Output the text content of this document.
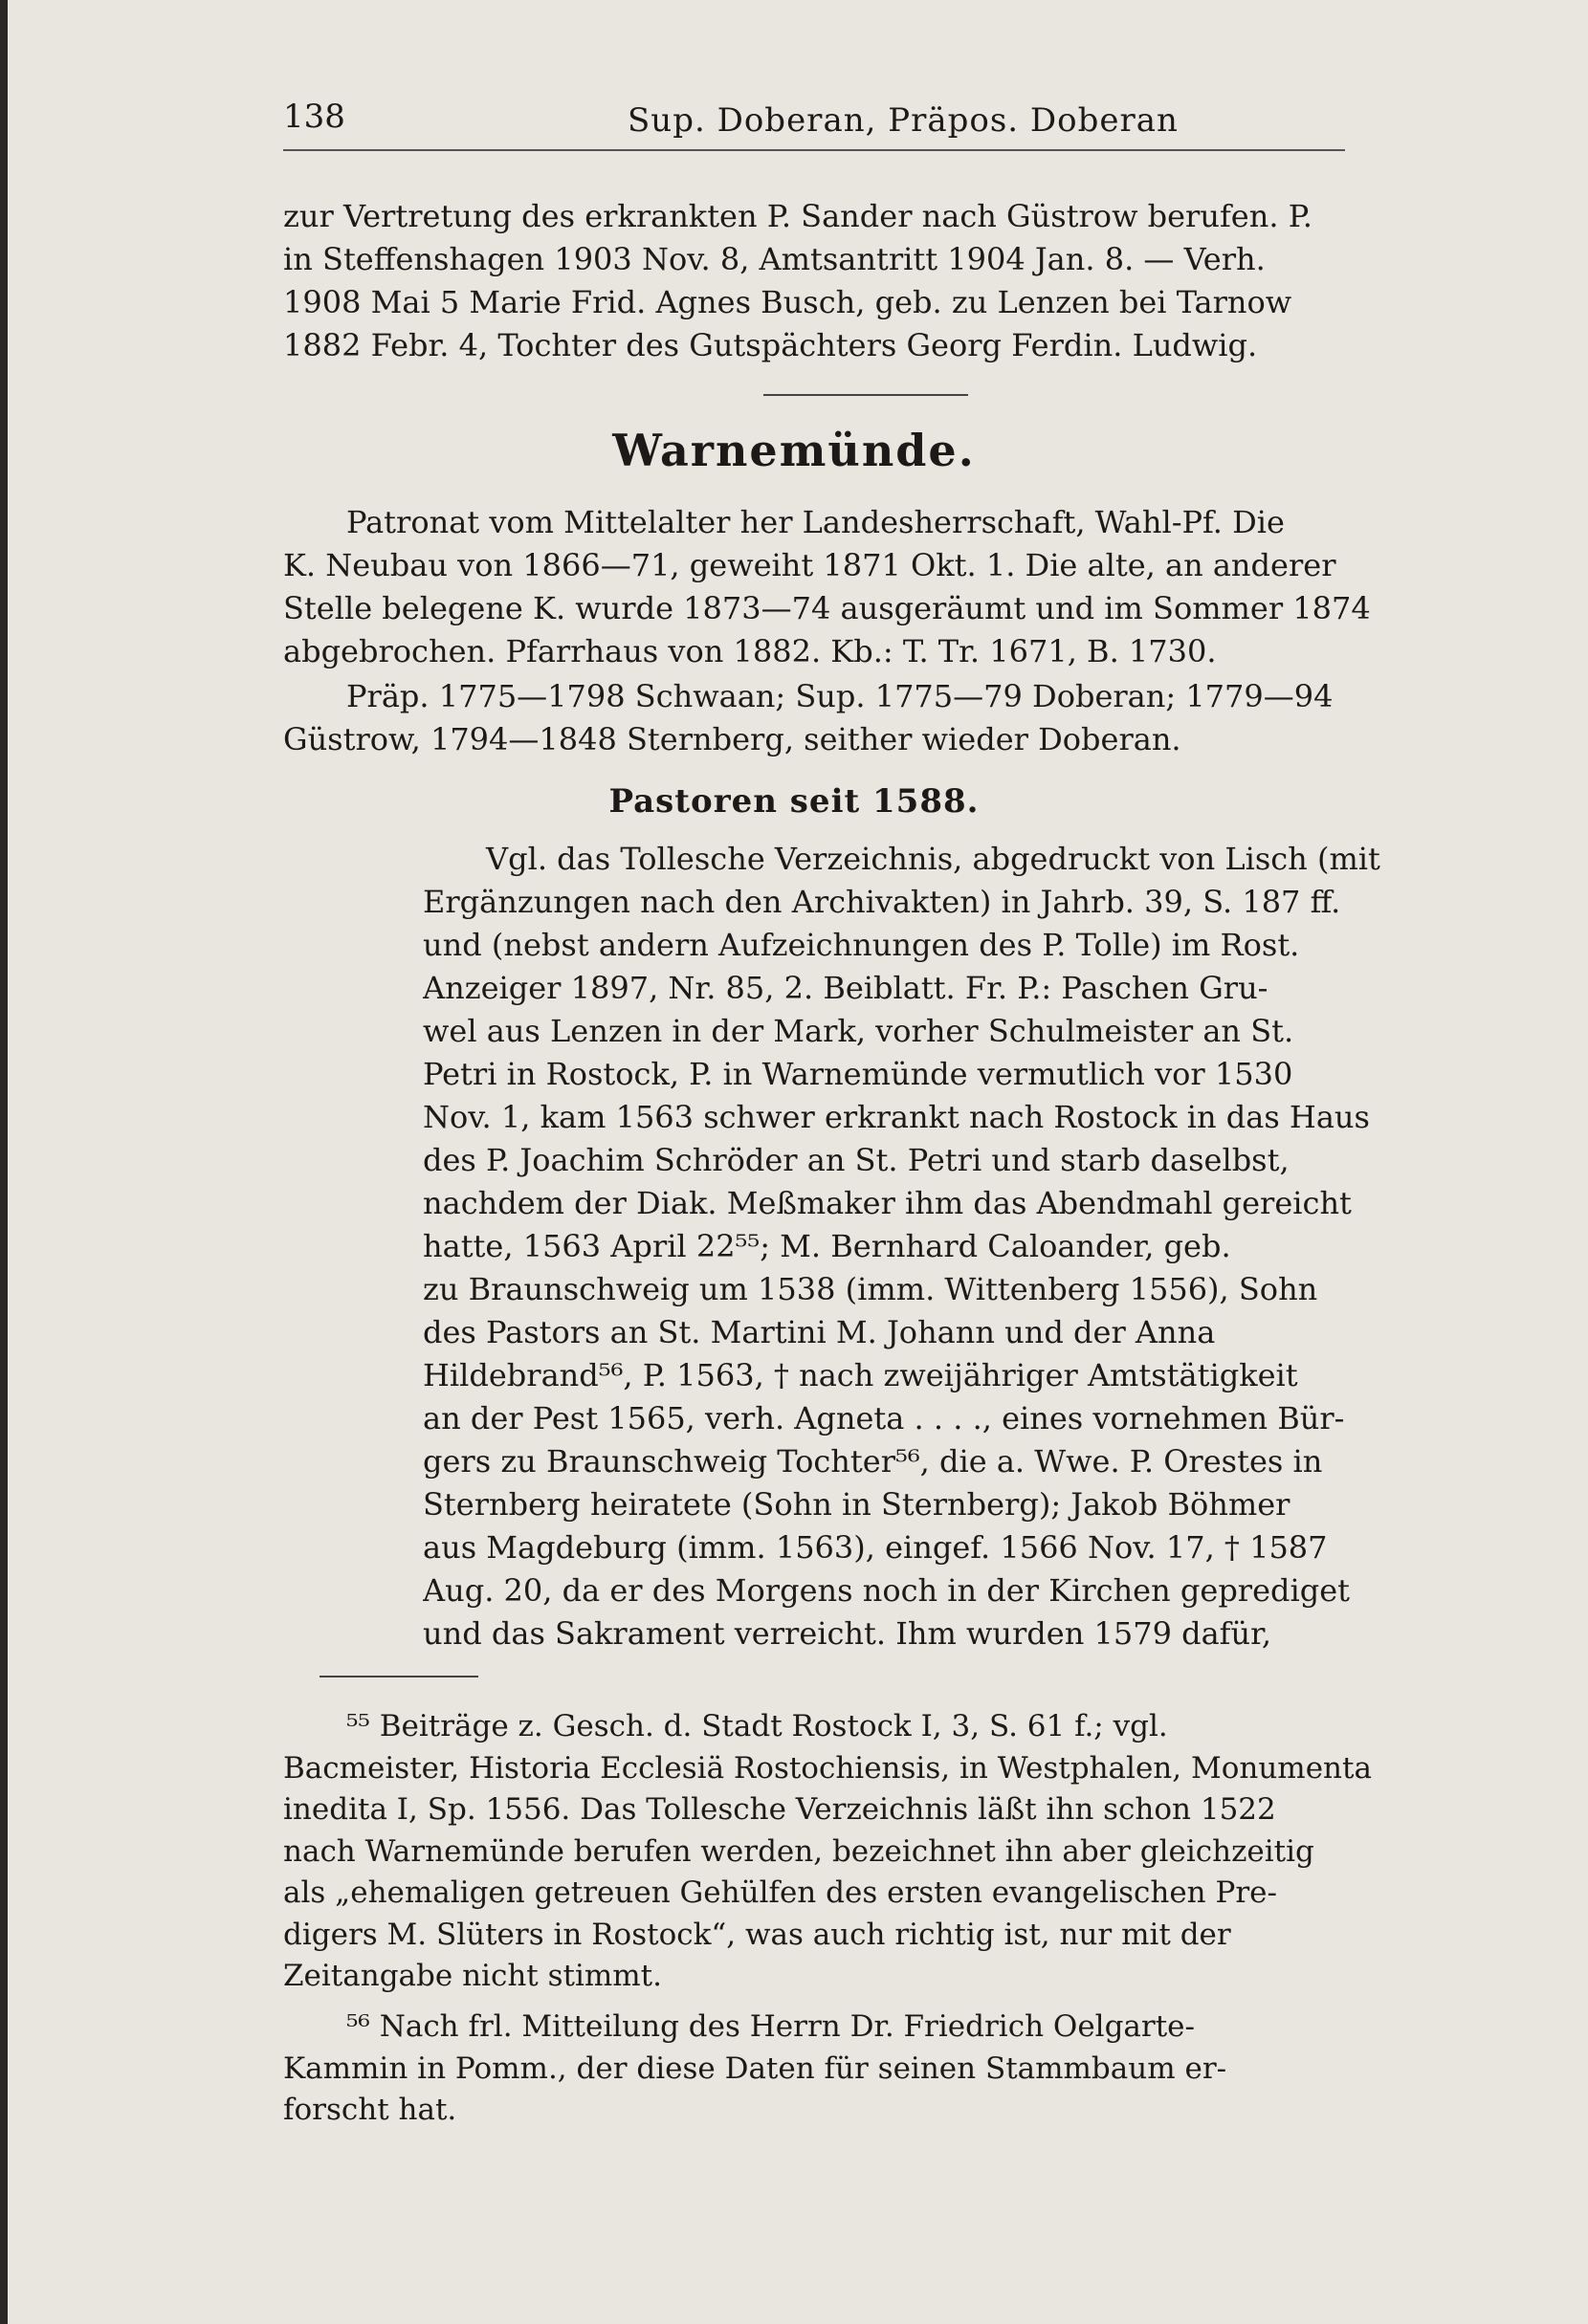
138	Sup. Doberan, Präpos. Doberan
zur Vertretung des erkrankten P. Sander nach Güstrow berufen. P.
in Steffenshagen 1903 Nov. 8, Amtsantritt 1904 Jan. 8. — Verh.
1908 Mai 5 Marie Frid. Agnes Busch, geb. zu Lenzen bei Tarnow
1882 Febr. 4, Tochter des Gutspächters Georg Ferdin. Ludwig.
Warnemünde.
Patronat vom Mittelalter her Landesherrschaft, Wahl-Pf. Die
K. Neubau von 1866—71, geweiht 1871 Okt. 1. Die alte, an anderer
Stelle belegene K. wurde 1873—74 ausgeräumt und im Sommer 1874
abgebrochen. Pfarrhaus von 1882. Kb.: T. Tr. 1671, B. 1730.
Präp. 1775—1798 Schwaan; Sup. 1775—79 Doberan; 1779—94
Güstrow, 1794—1848 Sternberg, seither wieder Doberan.
Pastoren seit 1588.
Vgl. das Tollesche Verzeichnis, abgedruckt von Lisch (mit
Ergänzungen nach den Archivakten) in Jahrb. 39, S. 187 ff.
und (nebst andern Aufzeichnungen des P. Tolle) im Rost.
Anzeiger 1897, Nr. 85, 2. Beiblatt. Fr. P.: Paschen Gru-
wel aus Lenzen in der Mark, vorher Schulmeister an St.
Petri in Rostock, P. in Warnemünde vermutlich vor 1530
Nov. 1, kam 1563 schwer erkrankt nach Rostock in das Haus
des P. Joachim Schröder an St. Petri und starb daselbst,
nachdem der Diak. Meßmaker ihm das Abendmahl gereicht
hatte, 1563 April 22⁵⁵; M. Bernhard Caloander, geb.
zu Braunschweig um 1538 (imm. Wittenberg 1556), Sohn
des Pastors an St. Martini M. Johann und der Anna
Hildebrand⁵⁶, P. 1563, † nach zweijähriger Amtstätigkeit
an der Pest 1565, verh. Agneta . . . ., eines vornehmen Bür-
gers zu Braunschweig Tochter⁵⁶, die a. Wwe. P. Orestes in
Sternberg heiratete (Sohn in Sternberg); Jakob Böhmer
aus Magdeburg (imm. 1563), eingef. 1566 Nov. 17, † 1587
Aug. 20, da er des Morgens noch in der Kirchen geprediget
und das Sakrament verreicht. Ihm wurden 1579 dafür,
⁵⁵ Beiträge z. Gesch. d. Stadt Rostock I, 3, S. 61 f.; vgl.
Bacmeister, Historia Ecclesiä Rostochiensis, in Westphalen, Monumenta
inedita I, Sp. 1556. Das Tollesche Verzeichnis läßt ihn schon 1522
nach Warnemünde berufen werden, bezeichnet ihn aber gleichzeitig
als „ehemaligen getreuen Gehülfen des ersten evangelischen Pre-
digers M. Slüters in Rostock“, was auch richtig ist, nur mit der
Zeitangabe nicht stimmt.
⁵⁶ Nach frl. Mitteilung des Herrn Dr. Friedrich Oelgarte-
Kammin in Pomm., der diese Daten für seinen Stammbaum er-
forscht hat.
